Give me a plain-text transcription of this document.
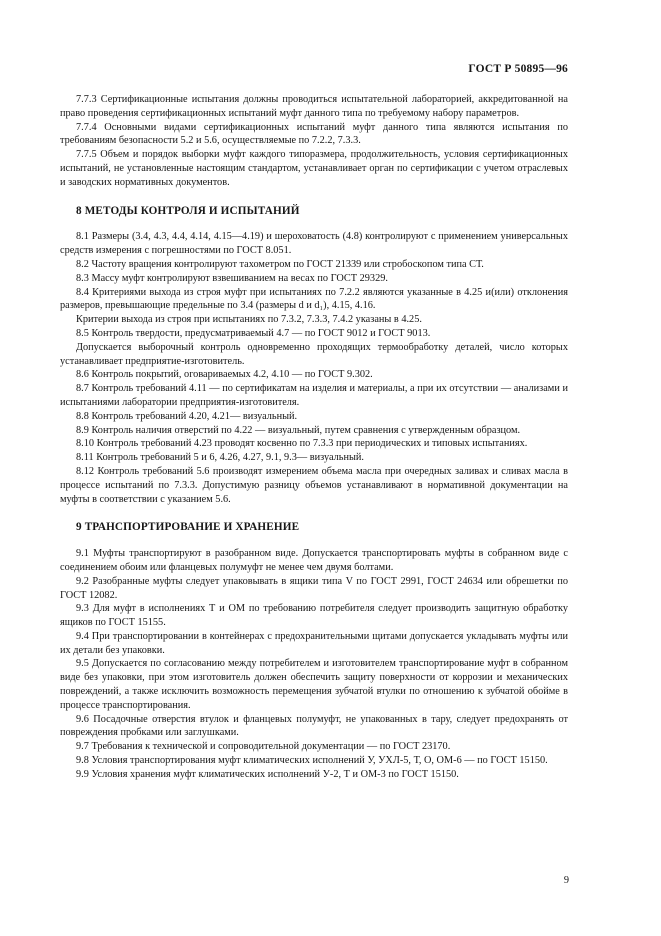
ГОСТ Р 50895—96

7.7.3 Сертификационные испытания должны проводиться испытательной лабораторией, аккредитованной на право проведения сертификационных испытаний муфт данного типа по требуемому набору параметров.

7.7.4 Основными видами сертификационных испытаний муфт данного типа являются испытания по требованиям безопасности 5.2 и 5.6, осуществляемые по 7.2.2, 7.3.3.

7.7.5 Объем и порядок выборки муфт каждого типоразмера, продолжительность, условия сертификационных испытаний, не установленные настоящим стандартом, устанавливает орган по сертификации с учетом отраслевых и заводских нормативных документов.

8 МЕТОДЫ КОНТРОЛЯ И ИСПЫТАНИЙ

8.1 Размеры (3.4, 4.3, 4.4, 4.14, 4.15—4.19) и шероховатость (4.8) контролируют с применением универсальных средств измерения с погрешностями по ГОСТ 8.051.

8.2 Частоту вращения контролируют тахометром по ГОСТ 21339 или стробоскопом типа СТ.

8.3 Массу муфт контролируют взвешиванием на весах по ГОСТ 29329.

8.4 Критериями выхода из строя муфт при испытаниях по 7.2.2 являются указанные в 4.25 и(или) отклонения размеров, превышающие предельные по 3.4 (размеры d и d₁), 4.15, 4.16.

Критерии выхода из строя при испытаниях по 7.3.2, 7.3.3, 7.4.2 указаны в 4.25.

8.5 Контроль твердости, предусматриваемый 4.7 — по ГОСТ 9012 и ГОСТ 9013.

Допускается выборочный контроль одновременно проходящих термообработку деталей, число которых устанавливает предприятие-изготовитель.

8.6 Контроль покрытий, оговариваемых 4.2, 4.10 — по ГОСТ 9.302.

8.7 Контроль требований 4.11 — по сертификатам на изделия и материалы, а при их отсутствии — анализами и испытаниями лаборатории предприятия-изготовителя.

8.8 Контроль требований 4.20, 4.21— визуальный.

8.9 Контроль наличия отверстий по 4.22 — визуальный, путем сравнения с утвержденным образцом.

8.10 Контроль требований 4.23 проводят косвенно по 7.3.3 при периодических и типовых испытаниях.

8.11 Контроль требований 5 и 6, 4.26, 4.27, 9.1, 9.3— визуальный.

8.12 Контроль требований 5.6 производят измерением объема масла при очередных заливах и сливах масла в процессе испытаний по 7.3.3. Допустимую разницу объемов устанавливают в нормативной документации на муфты в соответствии с указанием 5.6.

9 ТРАНСПОРТИРОВАНИЕ И ХРАНЕНИЕ

9.1 Муфты транспортируют в разобранном виде. Допускается транспортировать муфты в собранном виде с соединением обоим или фланцевых полумуфт не менее чем двумя болтами.

9.2 Разобранные муфты следует упаковывать в ящики типа V по ГОСТ 2991, ГОСТ 24634 или обрешетки по ГОСТ 12082.

9.3 Для муфт в исполнениях Т и ОМ по требованию потребителя следует производить защитную обработку ящиков по ГОСТ 15155.

9.4 При транспортировании в контейнерах с предохранительными щитами допускается укладывать муфты или их детали без упаковки.

9.5 Допускается по согласованию между потребителем и изготовителем транспортирование муфт в собранном виде без упаковки, при этом изготовитель должен обеспечить защиту поверхности от коррозии и механических повреждений, а также исключить возможность перемещения зубчатой втулки по отношению к зубчатой обойме в процессе транспортирования.

9.6 Посадочные отверстия втулок и фланцевых полумуфт, не упакованных в тару, следует предохранять от повреждения пробками или заглушками.

9.7 Требования к технической и сопроводительной документации — по ГОСТ 23170.

9.8 Условия транспортирования муфт климатических исполнений У, УХЛ-5, Т, О, ОМ-6 — по ГОСТ 15150.

9.9 Условия хранения муфт климатических исполнений У-2, Т и ОМ-3 по ГОСТ 15150.

9
